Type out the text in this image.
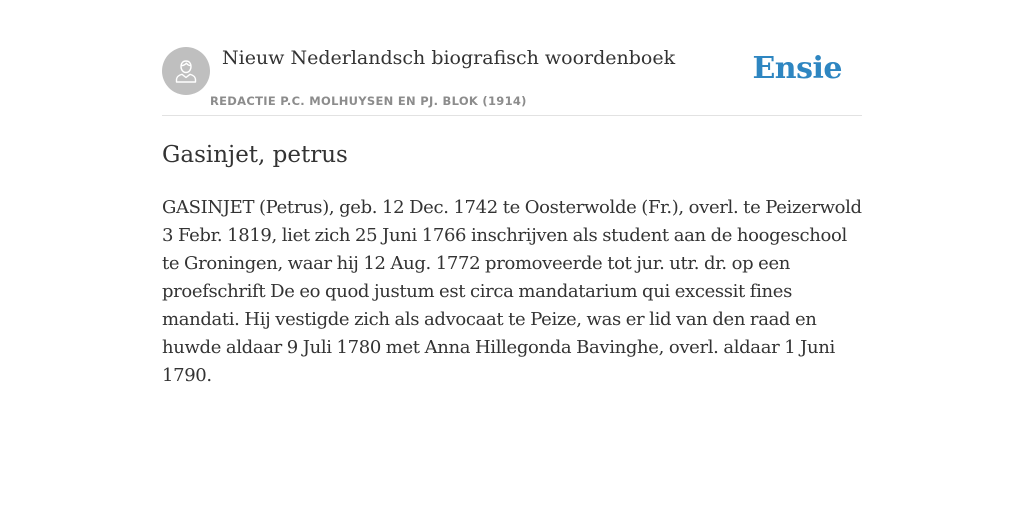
Nieuw Nederlandsch biografisch woordenboek
REDACTIE P.C. MOLHUYSEN EN PJ. BLOK (1914)
Ensie
Gasinjet, petrus

GASINJET (Petrus), geb. 12 Dec. 1742 te Oosterwolde (Fr.), overl. te Peizerwold 3 Febr. 1819, liet zich 25 Juni 1766 inschrijven als student aan de hoogeschool te Groningen, waar hij 12 Aug. 1772 promoveerde tot jur. utr. dr. op een proefschrift De eo quod justum est circa mandatarium qui excessit fines mandati. Hij vestigde zich als advocaat te Peize, was er lid van den raad en huwde aldaar 9 Juli 1780 met Anna Hillegonda Bavinghe, overl. aldaar 1 Juni 1790.
